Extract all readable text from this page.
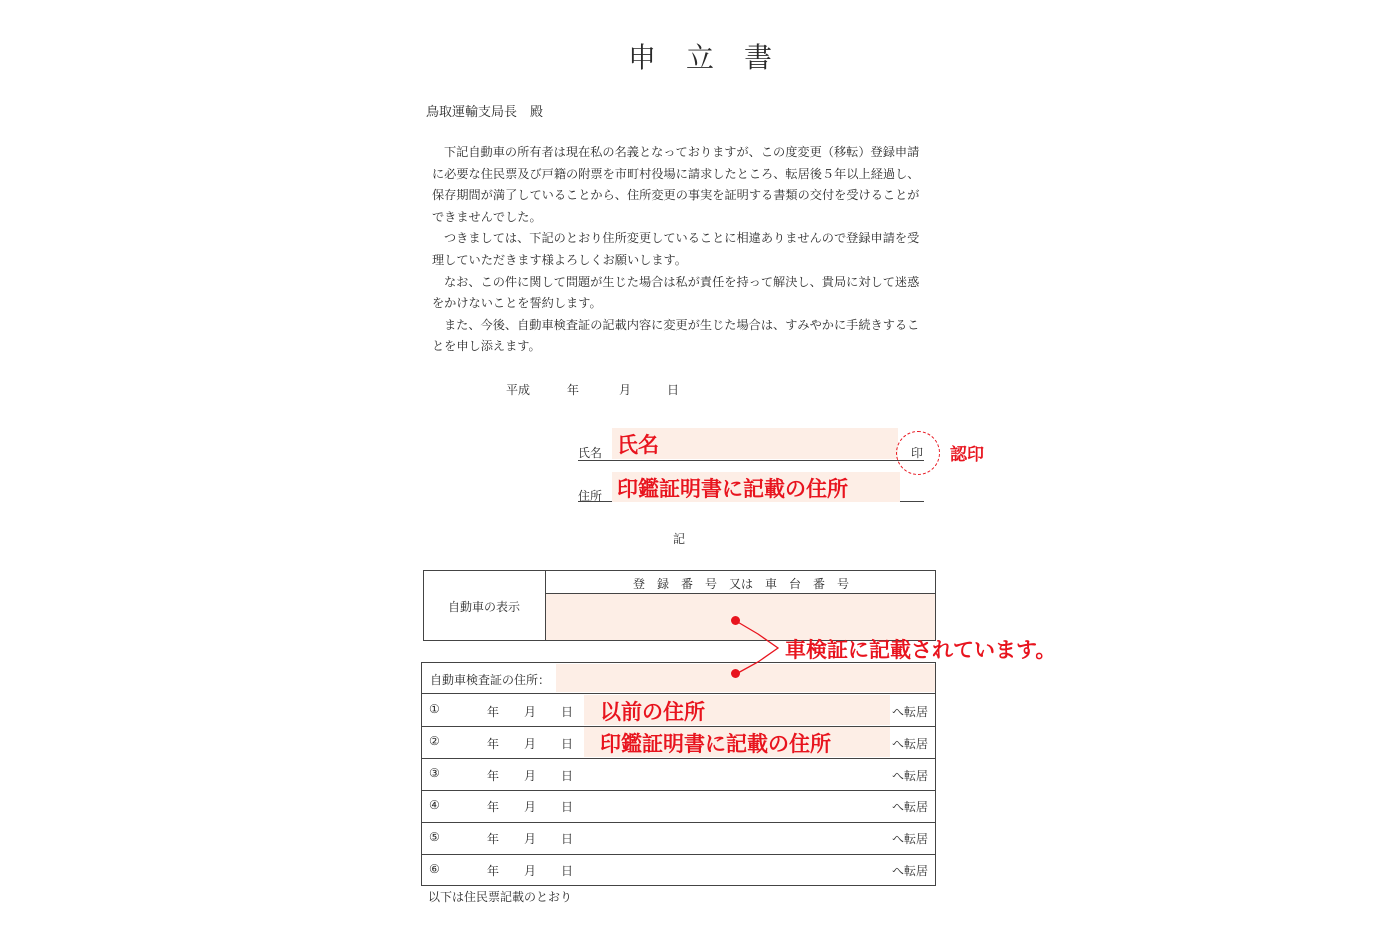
申立書
鳥取運輸支局長　殿

下記自動車の所有者は現在私の名義となっておりますが、この度変更（移転）登録申請

に必要な住民票及び戸籍の附票を市町村役場に請求したところ、転居後５年以上経過し、

保存期間が満了していることから、住所変更の事実を証明する書類の交付を受けることが

できませんでした。

つきましては、下記のとおり住所変更していることに相違ありませんので登録申請を受

理していただきます様よろしくお願いします。

なお、この件に関して問題が生じた場合は私が責任を持って解決し、貴局に対して迷惑

をかけないことを誓約します。

また、今後、自動車検査証の記載内容に変更が生じた場合は、すみやかに手続きするこ

とを申し添えます。

平成	年	月	日
氏名 氏名	印 認印
住所 印鑑証明書に記載の住所
記
自動車の表示
登　録　番　号　又は　車　台　番　号
自動車検査証の住所：
①	年 月 日	へ転居
以前の住所
②	年 月 日	へ転居
印鑑証明書に記載の住所
③	年 月 日	へ転居
④	年 月 日	へ転居
⑤	年 月 日	へ転居
⑥	年 月 日	へ転居
以下は住民票記載のとおり
車検証に記載されています。
